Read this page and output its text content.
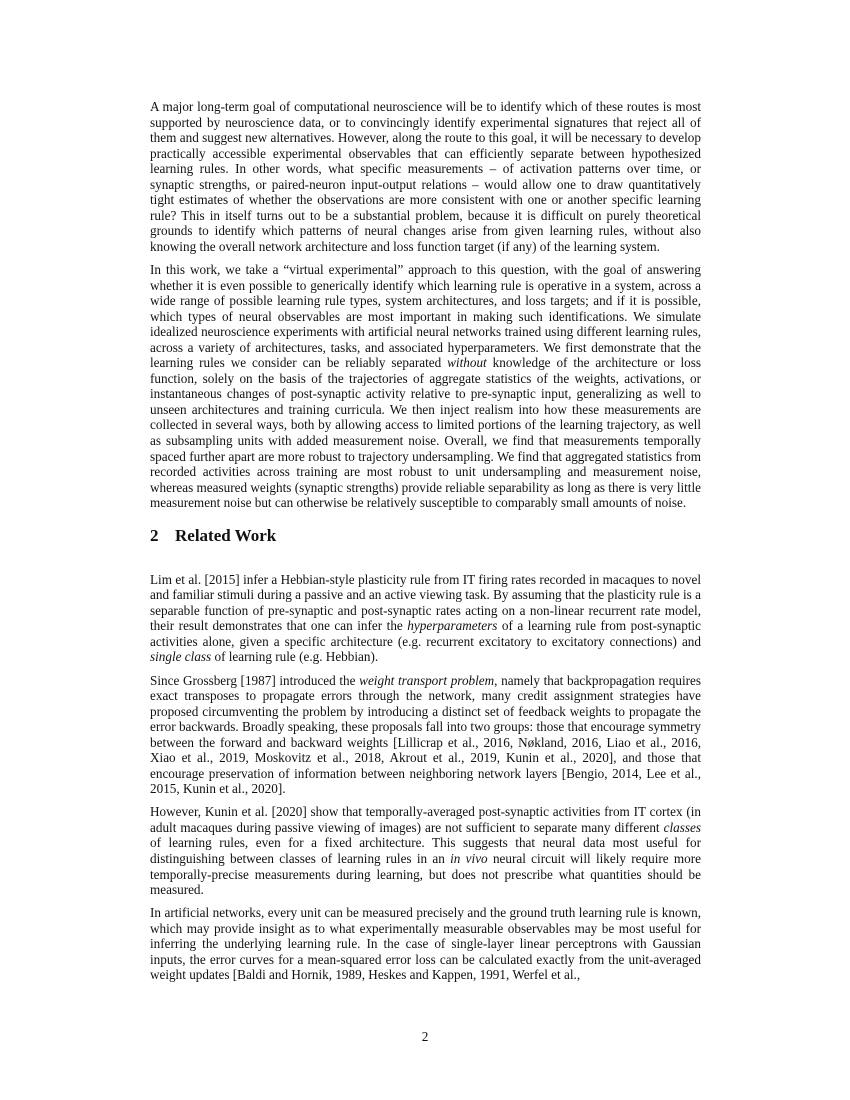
A major long-term goal of computational neuroscience will be to identify which of these routes is most supported by neuroscience data, or to convincingly identify experimental signatures that reject all of them and suggest new alternatives. However, along the route to this goal, it will be necessary to develop practically accessible experimental observables that can efficiently separate between hypothesized learning rules. In other words, what specific measurements – of activation patterns over time, or synaptic strengths, or paired-neuron input-output relations – would allow one to draw quantitatively tight estimates of whether the observations are more consistent with one or another specific learning rule? This in itself turns out to be a substantial problem, because it is difficult on purely theoretical grounds to identify which patterns of neural changes arise from given learning rules, without also knowing the overall network architecture and loss function target (if any) of the learning system.

In this work, we take a “virtual experimental” approach to this question, with the goal of answering whether it is even possible to generically identify which learning rule is operative in a system, across a wide range of possible learning rule types, system architectures, and loss targets; and if it is possible, which types of neural observables are most important in making such identifications. We simulate idealized neuroscience experiments with artificial neural networks trained using different learning rules, across a variety of architectures, tasks, and associated hyperparameters. We first demonstrate that the learning rules we consider can be reliably separated without knowledge of the architecture or loss function, solely on the basis of the trajectories of aggregate statistics of the weights, activations, or instantaneous changes of post-synaptic activity relative to pre-synaptic input, generalizing as well to unseen architectures and training curricula. We then inject realism into how these measurements are collected in several ways, both by allowing access to limited portions of the learning trajectory, as well as subsampling units with added measurement noise. Overall, we find that measurements temporally spaced further apart are more robust to trajectory undersampling. We find that aggregated statistics from recorded activities across training are most robust to unit undersampling and measurement noise, whereas measured weights (synaptic strengths) provide reliable separability as long as there is very little measurement noise but can otherwise be relatively susceptible to comparably small amounts of noise.

2 Related Work

Lim et al. [2015] infer a Hebbian-style plasticity rule from IT firing rates recorded in macaques to novel and familiar stimuli during a passive and an active viewing task. By assuming that the plasticity rule is a separable function of pre-synaptic and post-synaptic rates acting on a non-linear recurrent rate model, their result demonstrates that one can infer the hyperparameters of a learning rule from post-synaptic activities alone, given a specific architecture (e.g. recurrent excitatory to excitatory connections) and single class of learning rule (e.g. Hebbian).

Since Grossberg [1987] introduced the weight transport problem, namely that backpropagation requires exact transposes to propagate errors through the network, many credit assignment strategies have proposed circumventing the problem by introducing a distinct set of feedback weights to propagate the error backwards. Broadly speaking, these proposals fall into two groups: those that encourage symmetry between the forward and backward weights [Lillicrap et al., 2016, Nøkland, 2016, Liao et al., 2016, Xiao et al., 2019, Moskovitz et al., 2018, Akrout et al., 2019, Kunin et al., 2020], and those that encourage preservation of information between neighboring network layers [Bengio, 2014, Lee et al., 2015, Kunin et al., 2020].

However, Kunin et al. [2020] show that temporally-averaged post-synaptic activities from IT cortex (in adult macaques during passive viewing of images) are not sufficient to separate many different classes of learning rules, even for a fixed architecture. This suggests that neural data most useful for distinguishing between classes of learning rules in an in vivo neural circuit will likely require more temporally-precise measurements during learning, but does not prescribe what quantities should be measured.

In artificial networks, every unit can be measured precisely and the ground truth learning rule is known, which may provide insight as to what experimentally measurable observables may be most useful for inferring the underlying learning rule. In the case of single-layer linear perceptrons with Gaussian inputs, the error curves for a mean-squared error loss can be calculated exactly from the unit-averaged weight updates [Baldi and Hornik, 1989, Heskes and Kappen, 1991, Werfel et al.,

2
